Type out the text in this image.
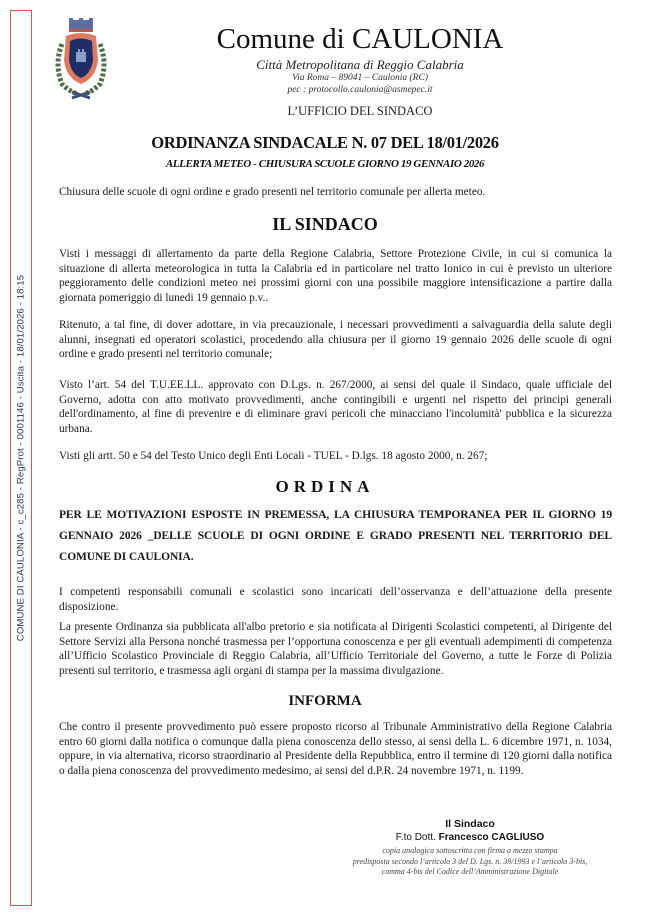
COMUNE DI CAULONIA - c_c285 - RegProt - 0001146 - Uscita - 18/01/2026 - 18:15
Comune di CAULONIA
Città Metropolitana di Reggio Calabria
Via Roma – 89041 – Caulonia (RC)
pec : protocollo.caulonia@asmepec.it
L’UFFICIO DEL SINDACO
ORDINANZA SINDACALE N. 07 DEL 18/01/2026
ALLERTA METEO - CHIUSURA SCUOLE GIORNO 19 GENNAIO 2026
Chiusura delle scuole di ogni ordine e grado presenti nel territorio comunale per allerta meteo.
IL SINDACO
Visti i messaggi di allertamento da parte della Regione Calabria, Settore Protezione Civile, in cui si comunica la situazione di allerta meteorologica in tutta la Calabria ed in particolare nel tratto Ionico in cui è previsto un ulteriore peggioramento delle condizioni meteo nei prossimi giorni con una possibile maggiore intensificazione a partire dalla giornata pomeriggio di lunedi 19 gennaio p.v..
Ritenuto, a tal fine, di dover adottare, in via precauzionale, i necessari provvedimenti a salvaguardia della salute degli alunni, insegnati ed operatori scolastici, procedendo alla chiusura per il giorno 19 gennaio 2026 delle scuole di ogni ordine e grado presenti nel territorio comunale;
Visto l’art. 54 del T.U.EE.LL. approvato con D.Lgs. n. 267/2000, ai sensi del quale il Sindaco, quale ufficiale del Governo, adotta con atto motivato provvedimenti, anche contingibili e urgenti nel rispetto dei principi generali dell'ordinamento, al fine di prevenire e di eliminare gravi pericoli che minacciano l'incolumità' pubblica e la sicurezza urbana.
Visti gli artt. 50 e 54 del Testo Unico degli Enti Locali - TUEL - D.lgs. 18 agosto 2000, n. 267;
ORDINA
PER LE MOTIVAZIONI ESPOSTE IN PREMESSA, LA CHIUSURA TEMPORANEA PER IL GIORNO 19 GENNAIO 2026 _DELLE SCUOLE DI OGNI ORDINE E GRADO PRESENTI NEL TERRITORIO DEL COMUNE DI CAULONIA.
I competenti responsabili comunali e scolastici sono incaricati dell’osservanza e dell’attuazione della presente disposizione.
La presente Ordinanza sia pubblicata all'albo pretorio e sia notificata al Dirigenti Scolastici competenti, al Dirigente del Settore Servizi alla Persona nonché trasmessa per l’opportuna conoscenza e per gli eventuali adempimenti di competenza all’Ufficio Scolastico Provinciale di Reggio Calabria, all’Ufficio Territoriale del Governo, a tutte le Forze di Polizia presenti sul territorio, e trasmessa agli organi di stampa per la massima divulgazione.
INFORMA
Che contro il presente provvedimento può essere proposto ricorso al Tribunale Amministrativo della Regione Calabria entro 60 giorni dalla notifica o comunque dalla piena conoscenza dello stesso, ai sensi della L. 6 dicembre 1971, n. 1034, oppure, in via alternativa, ricorso straordinario al Presidente della Repubblica, entro il termine di 120 giorni dalla notifica o dalla piena conoscenza del provvedimento medesimo, ai sensi del d.P.R. 24 novembre 1971, n. 1199.
Il Sindaco
F.to Dott. Francesco CAGLIUSO
copia analogica sottoscritta con firma a mezzo stampa
predisposta secondo l’articolo 3 del D. Lgs. n. 39/1993 e l’articolo 3-bis,
comma 4-bis del Codice dell’Amministrazione Digitale
